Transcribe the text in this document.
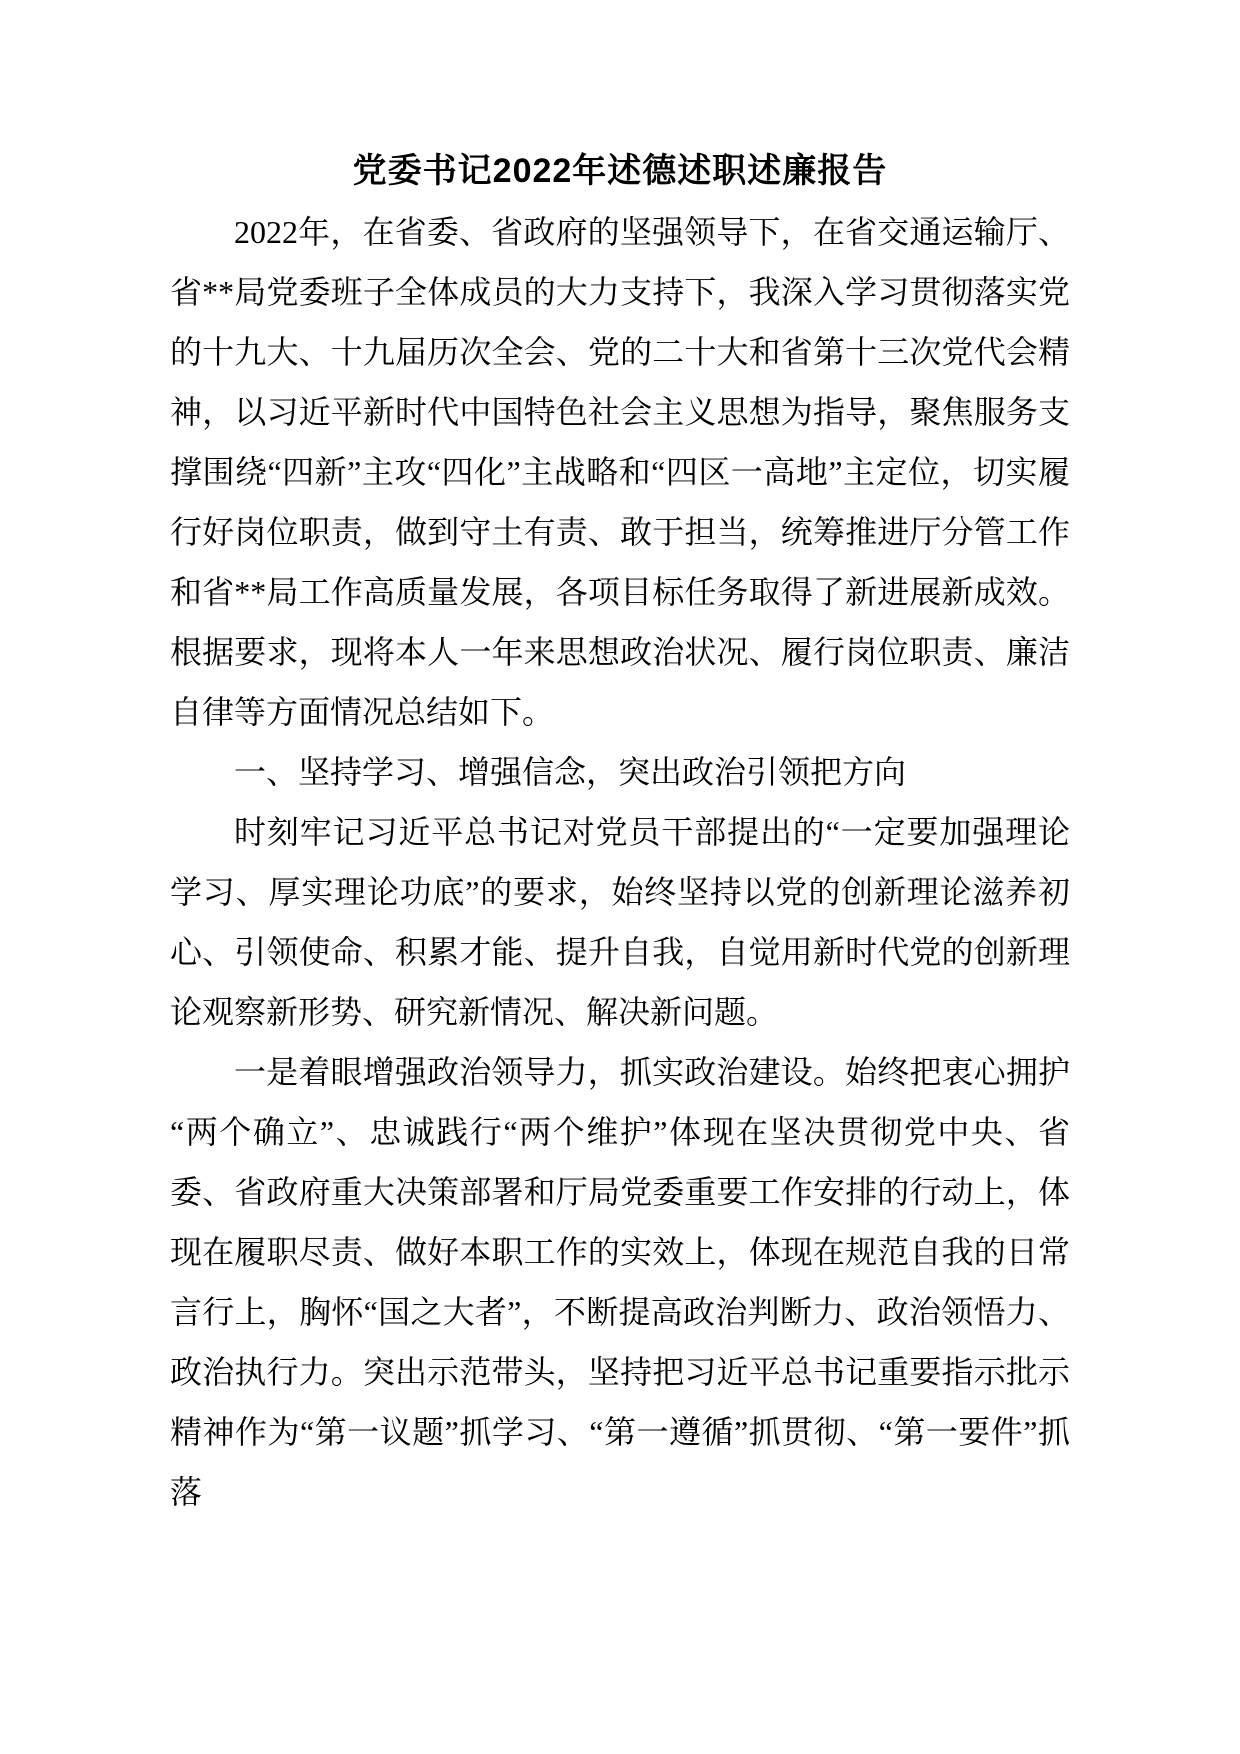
党委书记2022年述德述职述廉报告

2022年，在省委、省政府的坚强领导下，在省交通运输厅、省**局党委班子全体成员的大力支持下，我深入学习贯彻落实党的十九大、十九届历次全会、党的二十大和省第十三次党代会精神，以习近平新时代中国特色社会主义思想为指导，聚焦服务支撑围绕“四新”主攻“四化”主战略和“四区一高地”主定位，切实履行好岗位职责，做到守土有责、敢于担当，统筹推进厅分管工作和省**局工作高质量发展，各项目标任务取得了新进展新成效。根据要求，现将本人一年来思想政治状况、履行岗位职责、廉洁自律等方面情况总结如下。

一、坚持学习、增强信念，突出政治引领把方向

时刻牢记习近平总书记对党员干部提出的“一定要加强理论学习、厚实理论功底”的要求，始终坚持以党的创新理论滋养初心、引领使命、积累才能、提升自我，自觉用新时代党的创新理论观察新形势、研究新情况、解决新问题。

一是着眼增强政治领导力，抓实政治建设。始终把衷心拥护“两个确立”、忠诚践行“两个维护”体现在坚决贯彻党中央、省委、省政府重大决策部署和厅局党委重要工作安排的行动上，体现在履职尽责、做好本职工作的实效上，体现在规范自我的日常言行上，胸怀“国之大者”，不断提高政治判断力、政治领悟力、政治执行力。突出示范带头，坚持把习近平总书记重要指示批示精神作为“第一议题”抓学习、“第一遵循”抓贯彻、“第一要件”抓落
